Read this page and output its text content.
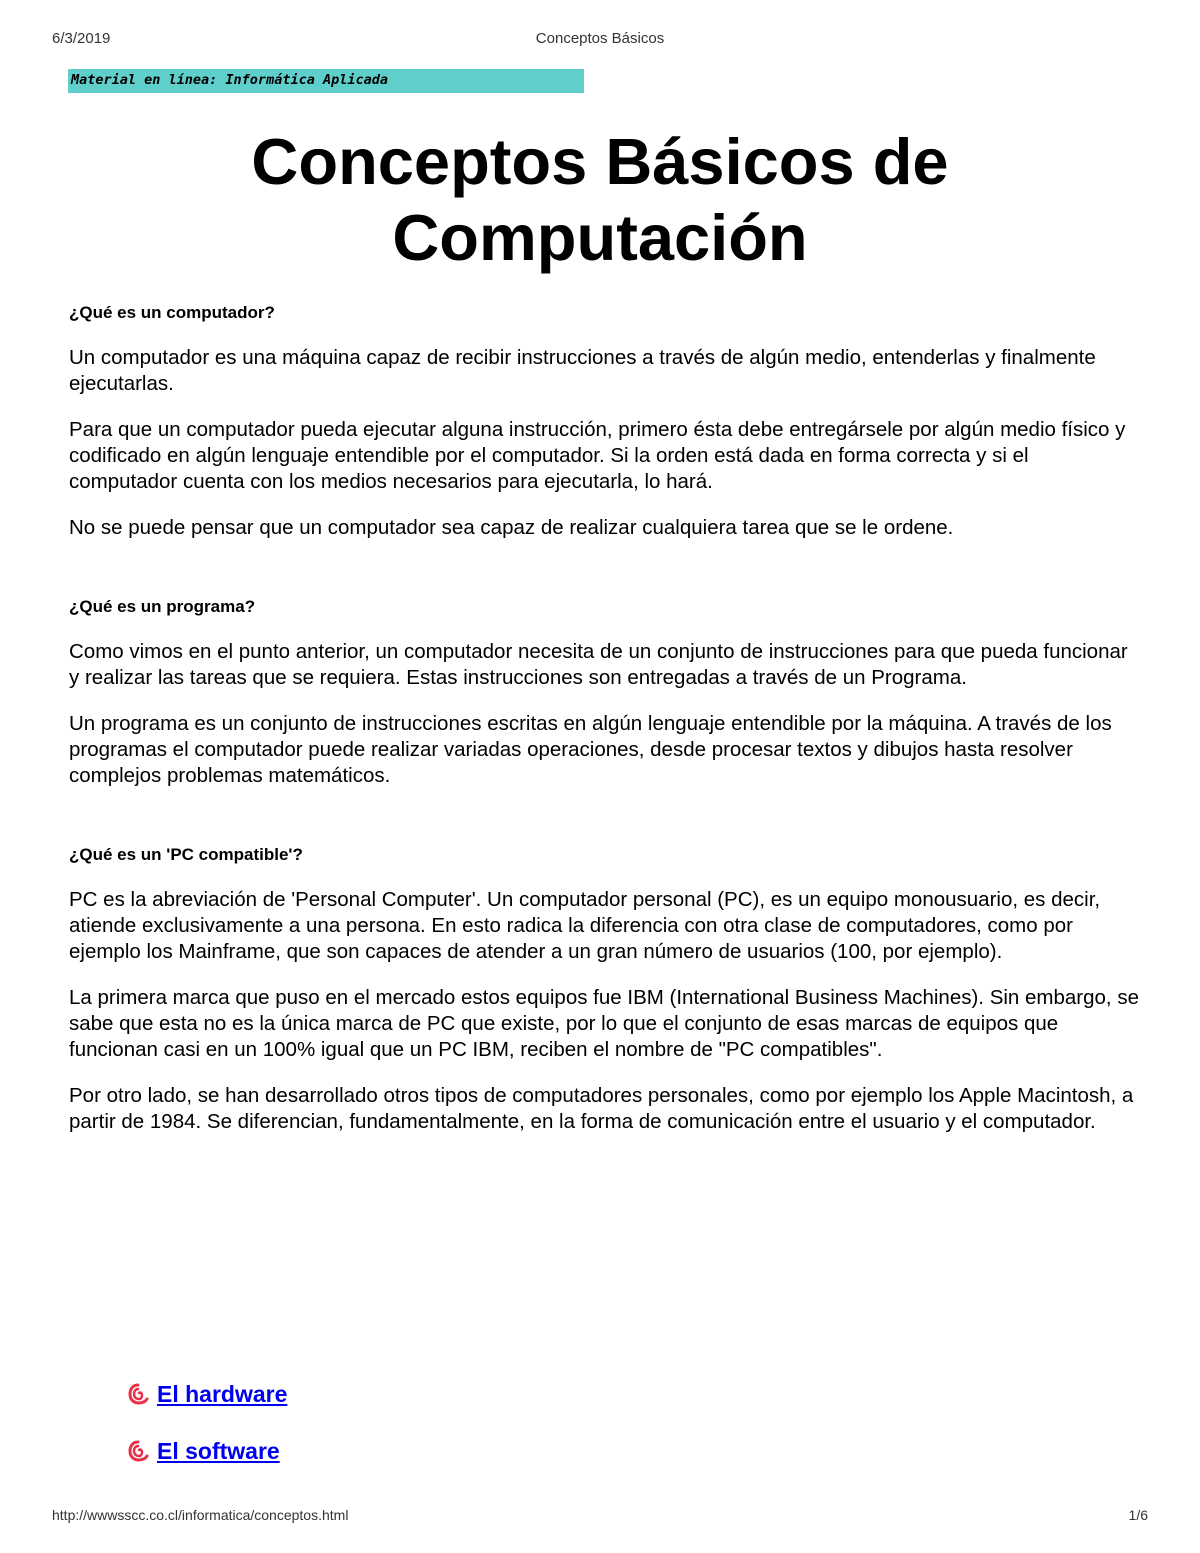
6/3/2019	Conceptos Básicos
Material en línea: Informática Aplicada
Conceptos Básicos de
Computación

¿Qué es un computador?

Un computador es una máquina capaz de recibir instrucciones a través de algún medio, entenderlas y finalmente ejecutarlas.

Para que un computador pueda ejecutar alguna instrucción, primero ésta debe entregársele por algún medio físico y codificado en algún lenguaje entendible por el computador. Si la orden está dada en forma correcta y si el computador cuenta con los medios necesarios para ejecutarla, lo hará.

No se puede pensar que un computador sea capaz de realizar cualquiera tarea que se le ordene.

¿Qué es un programa?

Como vimos en el punto anterior, un computador necesita de un conjunto de instrucciones para que pueda funcionar y realizar las tareas que se requiera. Estas instrucciones son entregadas a través de un Programa.

Un programa es un conjunto de instrucciones escritas en algún lenguaje entendible por la máquina. A través de los programas el computador puede realizar variadas operaciones, desde procesar textos y dibujos hasta resolver complejos problemas matemáticos.

¿Qué es un 'PC compatible'?

PC es la abreviación de 'Personal Computer'. Un computador personal (PC), es un equipo monousuario, es decir, atiende exclusivamente a una persona. En esto radica la diferencia con otra clase de computadores, como por ejemplo los Mainframe, que son capaces de atender a un gran número de usuarios (100, por ejemplo).

La primera marca que puso en el mercado estos equipos fue IBM (International Business Machines). Sin embargo, se sabe que esta no es la única marca de PC que existe, por lo que el conjunto de esas marcas de equipos que funcionan casi en un 100% igual que un PC IBM, reciben el nombre de "PC compatibles".

Por otro lado, se han desarrollado otros tipos de computadores personales, como por ejemplo los Apple Macintosh, a partir de 1984. Se diferencian, fundamentalmente, en la forma de comunicación entre el usuario y el computador.

El hardware
El software
http://wwwsscc.co.cl/informatica/conceptos.html	1/6
